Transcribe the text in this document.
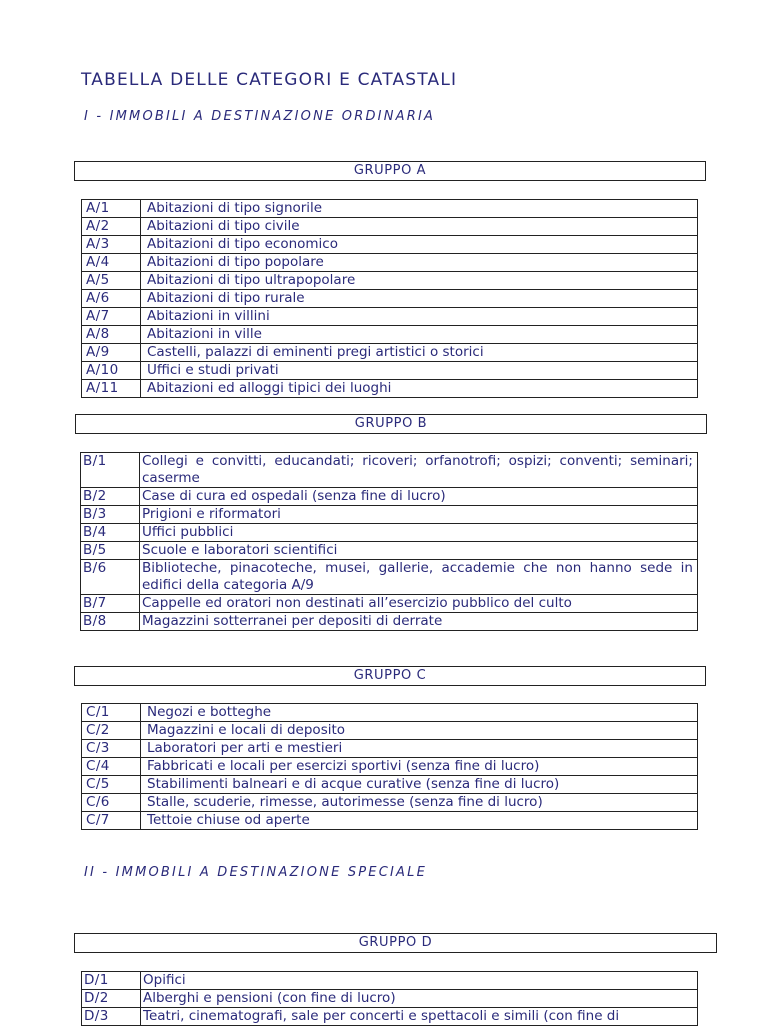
TABELLA DELLE CATEGORI E CATASTALI
I - IMMOBILI A DESTINAZIONE ORDINARIA
GRUPPO A
A/1	Abitazioni di tipo signorile
A/2	Abitazioni di tipo civile
A/3	Abitazioni di tipo economico
A/4	Abitazioni di tipo popolare
A/5	Abitazioni di tipo ultrapopolare
A/6	Abitazioni di tipo rurale
A/7	Abitazioni in villini
A/8	Abitazioni in ville
A/9	Castelli, palazzi di eminenti pregi artistici o storici
A/10	Uffici e studi privati
A/11	Abitazioni ed alloggi tipici dei luoghi
GRUPPO B
B/1	Collegi e convitti, educandati; ricoveri; orfanotrofi; ospizi; conventi; seminari; caserme
B/2	Case di cura ed ospedali (senza fine di lucro)
B/3	Prigioni e riformatori
B/4	Uffici pubblici
B/5	Scuole e laboratori scientifici
B/6	Biblioteche, pinacoteche, musei, gallerie, accademie che non hanno sede in edifici della categoria A/9
B/7	Cappelle ed oratori non destinati all’esercizio pubblico del culto
B/8	Magazzini sotterranei per depositi di derrate
GRUPPO C
C/1	Negozi e botteghe
C/2	Magazzini e locali di deposito
C/3	Laboratori per arti e mestieri
C/4	Fabbricati e locali per esercizi sportivi (senza fine di lucro)
C/5	Stabilimenti balneari e di acque curative (senza fine di lucro)
C/6	Stalle, scuderie, rimesse, autorimesse (senza fine di lucro)
C/7	Tettoie chiuse od aperte
II - IMMOBILI A DESTINAZIONE SPECIALE
GRUPPO D
D/1	Opifici
D/2	Alberghi e pensioni (con fine di lucro)
D/3	Teatri, cinematografi, sale per concerti e spettacoli e simili (con fine di
